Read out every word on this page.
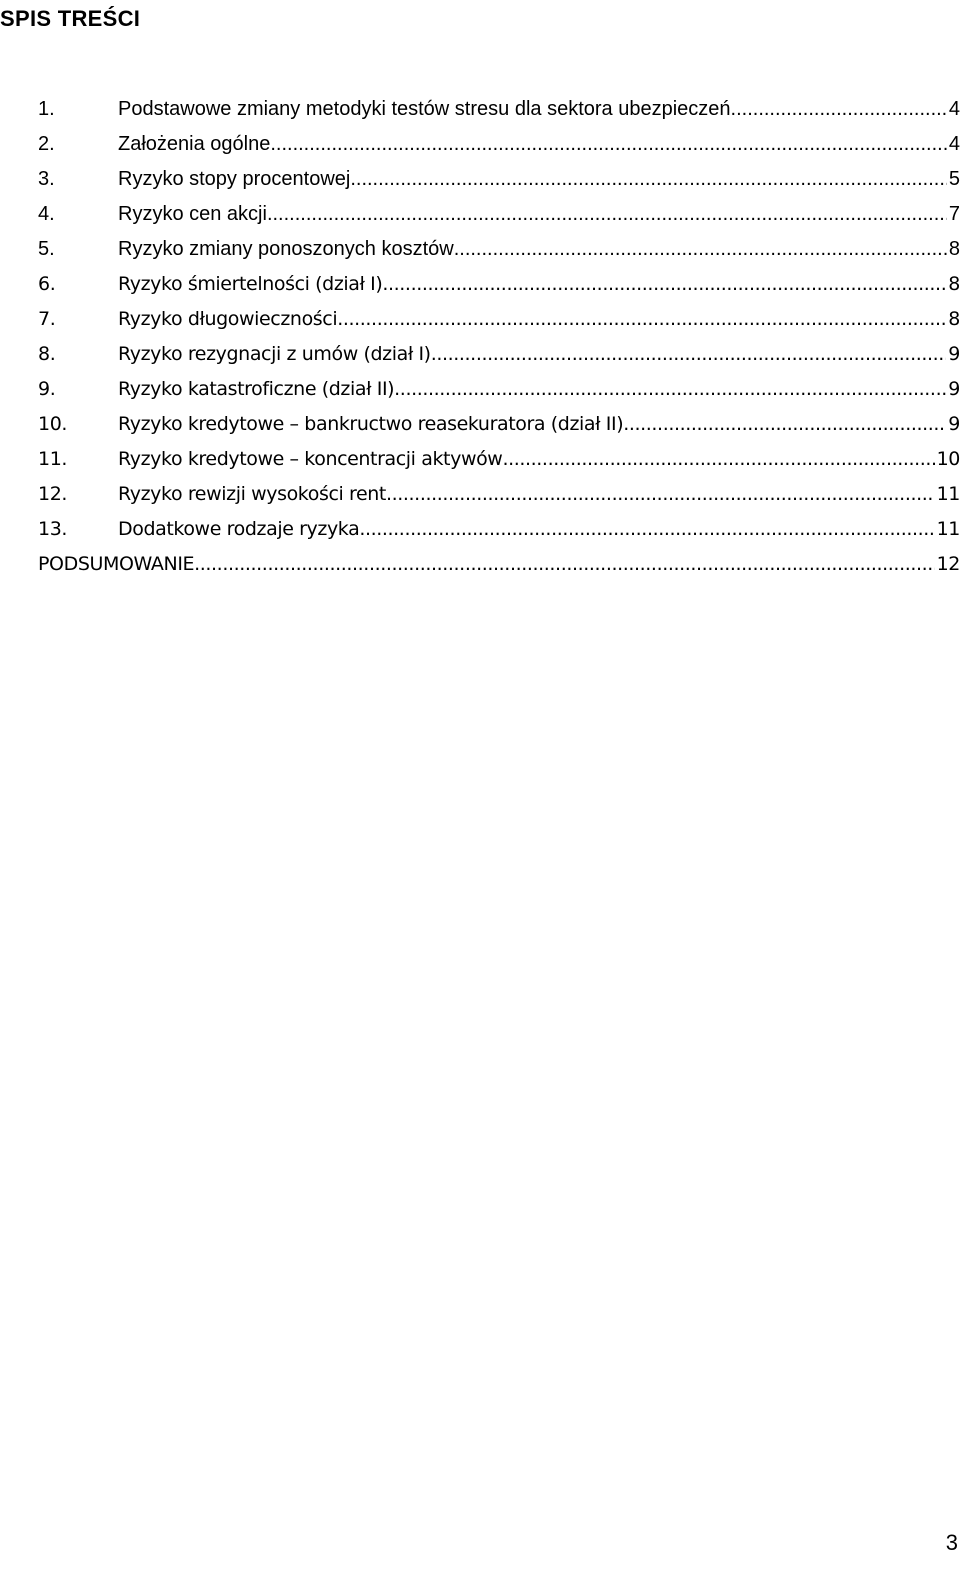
SPIS TREŚCI
1.	Podstawowe zmiany metodyki testów stresu dla sektora ubezpieczeń .....	4
2.	Założenia ogólne .....	4
3.	Ryzyko stopy procentowej .....	5
4.	Ryzyko cen akcji .....	7
5.	Ryzyko zmiany ponoszonych kosztów .....	8
6.	Ryzyko śmiertelności (dział I) .....	8
7.	Ryzyko długowieczności .....	8
8.	Ryzyko rezygnacji z umów (dział I) .....	9
9.	Ryzyko katastroficzne (dział II) .....	9
10.	Ryzyko kredytowe – bankructwo reasekuratora (dział II) .....	9
11.	Ryzyko kredytowe – koncentracji aktywów .....	10
12.	Ryzyko rewizji wysokości rent .....	11
13.	Dodatkowe rodzaje ryzyka .....	11
PODSUMOWANIE .....	12
3
